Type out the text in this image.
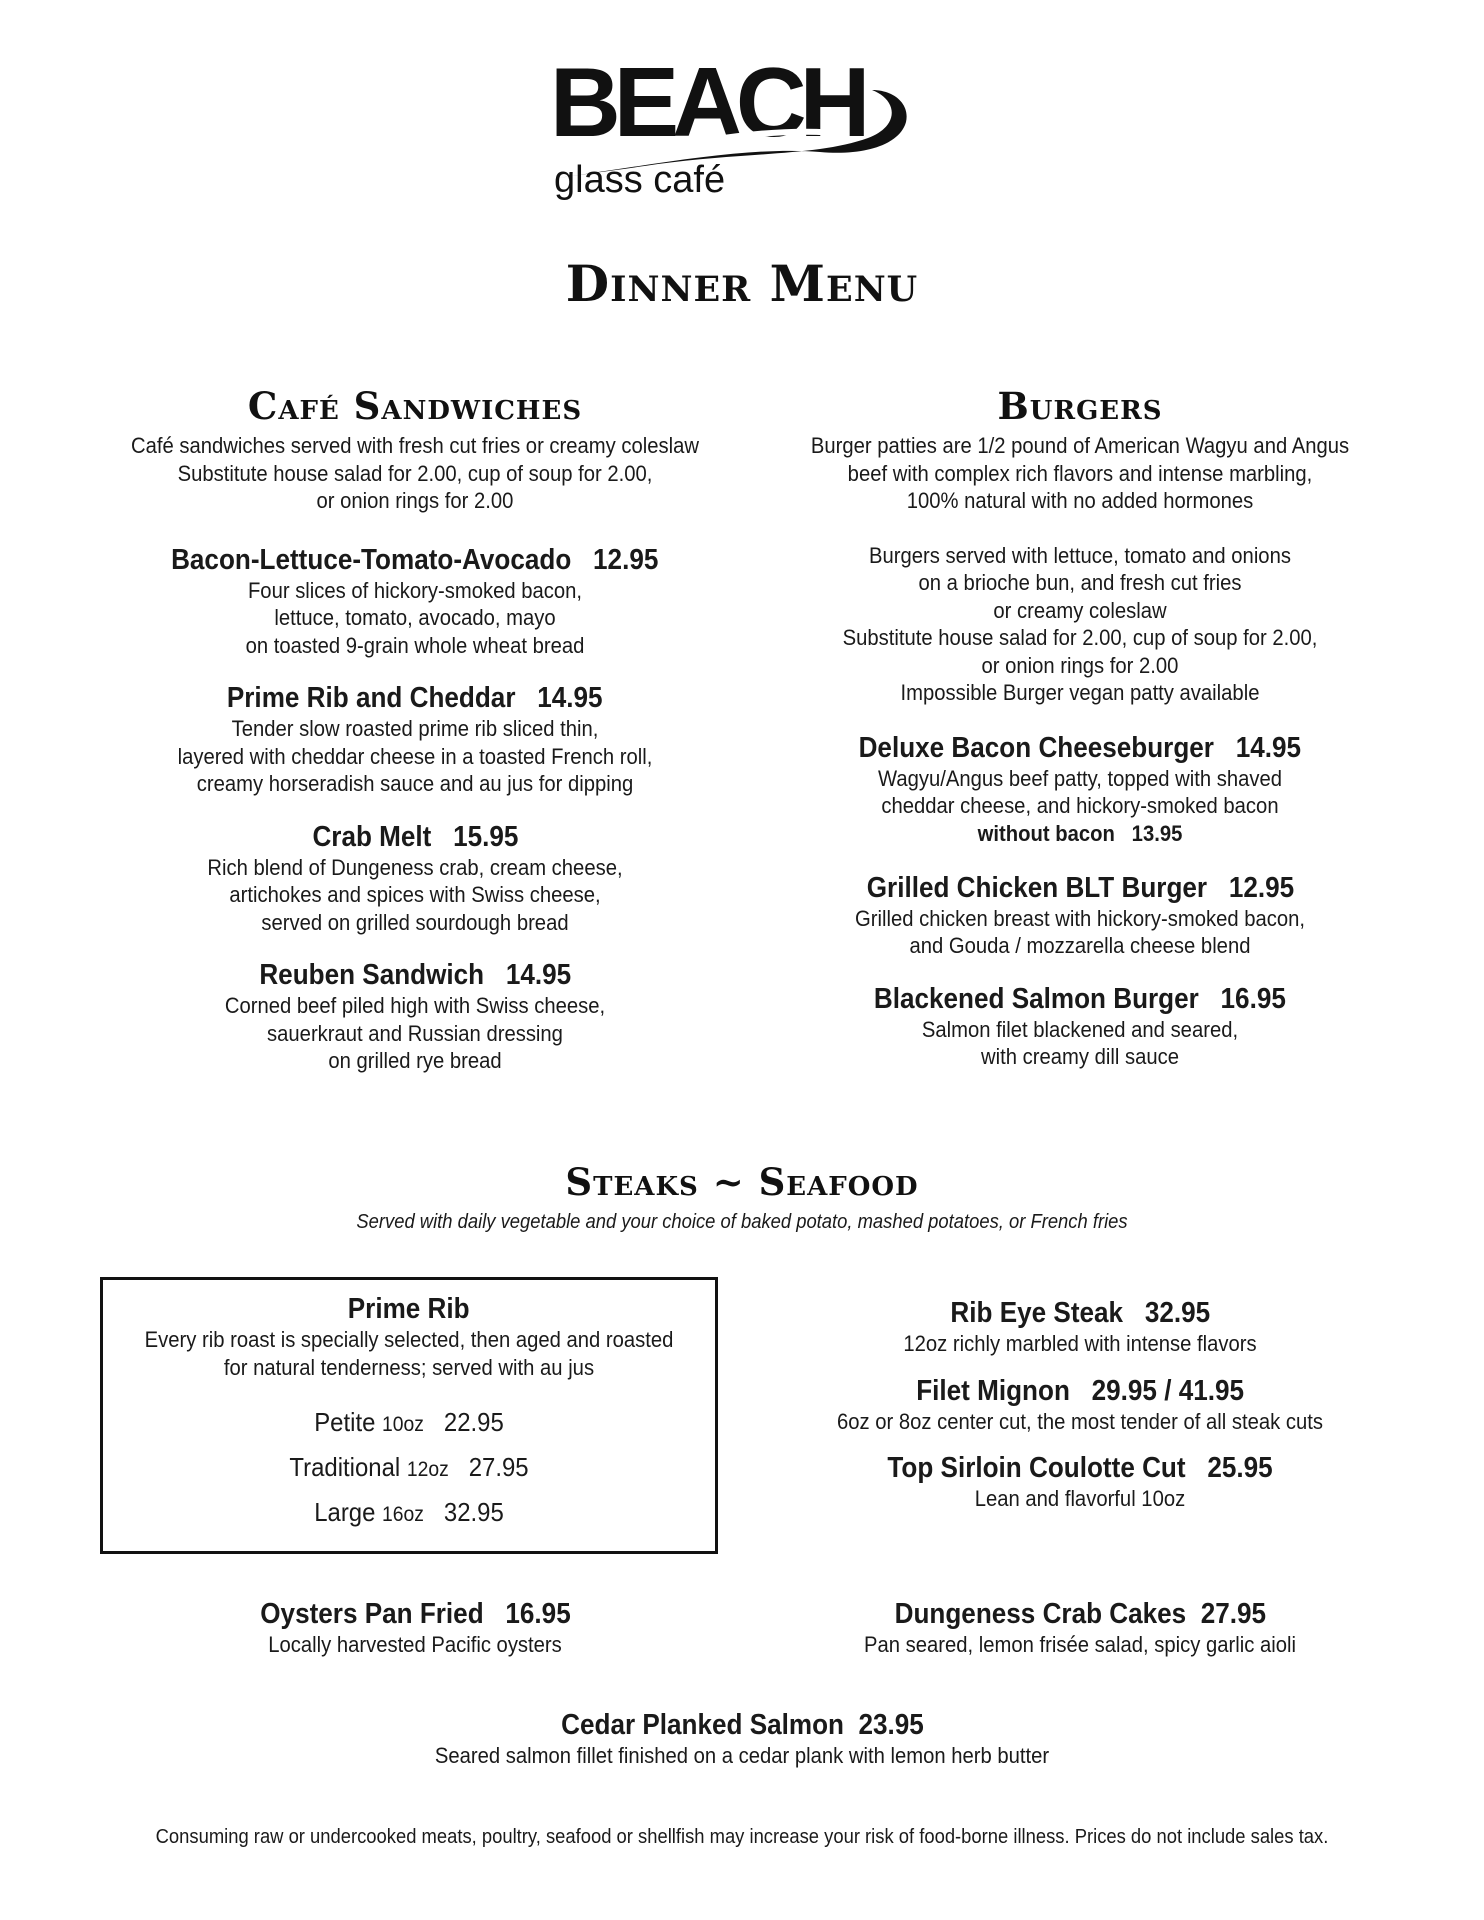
BEACH
glass café
Dinner Menu
Café Sandwiches

Café sandwiches served with fresh cut fries or creamy coleslaw
Substitute house salad for 2.00, cup of soup for 2.00,
or onion rings for 2.00

Bacon-Lettuce-Tomato-Avocado   12.95
Four slices of hickory-smoked bacon,
lettuce, tomato, avocado, mayo
on toasted 9-grain whole wheat bread
Prime Rib and Cheddar   14.95
Tender slow roasted prime rib sliced thin,
layered with cheddar cheese in a toasted French roll,
creamy horseradish sauce and au jus for dipping
Crab Melt   15.95
Rich blend of Dungeness crab, cream cheese,
artichokes and spices with Swiss cheese,
served on grilled sourdough bread
Reuben Sandwich   14.95
Corned beef piled high with Swiss cheese,
sauerkraut and Russian dressing
on grilled rye bread
Burgers

Burger patties are 1/2 pound of American Wagyu and Angus
beef with complex rich flavors and intense marbling,
100% natural with no added hormones

Burgers served with lettuce, tomato and onions
on a brioche bun, and fresh cut fries
or creamy coleslaw
Substitute house salad for 2.00, cup of soup for 2.00,
or onion rings for 2.00
Impossible Burger vegan patty available

Deluxe Bacon Cheeseburger   14.95
Wagyu/Angus beef patty, topped with shaved
cheddar cheese, and hickory-smoked bacon
without bacon   13.95
Grilled Chicken BLT Burger   12.95
Grilled chicken breast with hickory-smoked bacon,
and Gouda / mozzarella cheese blend
Blackened Salmon Burger   16.95
Salmon filet blackened and seared,
with creamy dill sauce
Steaks ~ Seafood

Served with daily vegetable and your choice of baked potato, mashed potatoes, or French fries

Prime Rib
Every rib roast is specially selected, then aged and roasted
for natural tenderness; served with au jus
Petite 10oz 22.95
Traditional 12oz 27.95
Large 16oz 32.95
Rib Eye Steak   32.95
12oz richly marbled with intense flavors
Filet Mignon   29.95 / 41.95
6oz or 8oz center cut, the most tender of all steak cuts
Top Sirloin Coulotte Cut   25.95
Lean and flavorful 10oz
Oysters Pan Fried   16.95
Locally harvested Pacific oysters
Dungeness Crab Cakes  27.95
Pan seared, lemon frisée salad, spicy garlic aioli
Cedar Planked Salmon  23.95
Seared salmon fillet finished on a cedar plank with lemon herb butter

Consuming raw or undercooked meats, poultry, seafood or shellfish may increase your risk of food-borne illness. Prices do not include sales tax.
